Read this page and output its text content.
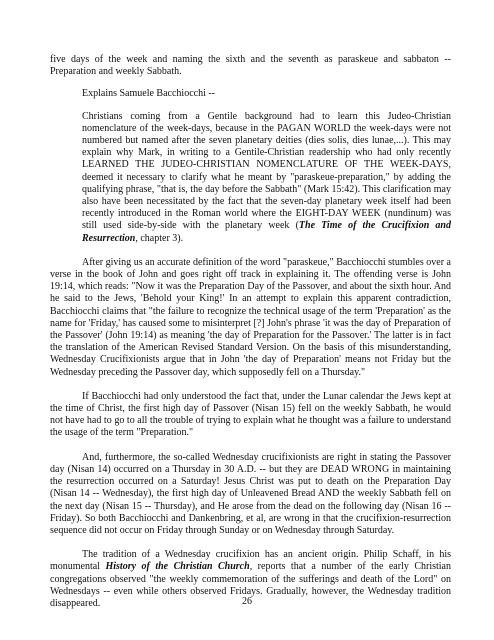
five days of the week and naming the sixth and the seventh as paraskeue and sabbaton -- Preparation and weekly Sabbath.

Explains Samuele Bacchiocchi --

Christians coming from a Gentile background had to learn this Judeo-Christian nomenclature of the week-days, because in the PAGAN WORLD the week-days were not numbered but named after the seven planetary deities (dies solis, dies lunae,...). This may explain why Mark, in writing to a Gentile-Christian readership who had only recently LEARNED THE JUDEO-CHRISTIAN NOMENCLATURE OF THE WEEK-DAYS, deemed it necessary to clarify what he meant by "paraskeue-preparation," by adding the qualifying phrase, "that is, the day before the Sabbath" (Mark 15:42). This clarification may also have been necessitated by the fact that the seven-day planetary week itself had been recently introduced in the Roman world where the EIGHT-DAY WEEK (nundinum) was still used side-by-side with the planetary week (The Time of the Crucifixion and Resurrection, chapter 3).

After giving us an accurate definition of the word "paraskeue," Bacchiocchi stumbles over a verse in the book of John and goes right off track in explaining it. The offending verse is John 19:14, which reads: "Now it was the Preparation Day of the Passover, and about the sixth hour. And he said to the Jews, 'Behold your King!' In an attempt to explain this apparent contradiction, Bacchiocchi claims that "the failure to recognize the technical usage of the term 'Preparation' as the name for 'Friday,' has caused some to misinterpret [?] John's phrase 'it was the day of Preparation of the Passover' (John 19:14) as meaning 'the day of Preparation for the Passover.' The latter is in fact the translation of the American Revised Standard Version. On the basis of this misunderstanding, Wednesday Crucifixionists argue that in John 'the day of Preparation' means not Friday but the Wednesday preceding the Passover day, which supposedly fell on a Thursday."

If Bacchiocchi had only understood the fact that, under the Lunar calendar the Jews kept at the time of Christ, the first high day of Passover (Nisan 15) fell on the weekly Sabbath, he would not have had to go to all the trouble of trying to explain what he thought was a failure to understand the usage of the term "Preparation."

And, furthermore, the so-called Wednesday crucifixionists are right in stating the Passover day (Nisan 14) occurred on a Thursday in 30 A.D. -- but they are DEAD WRONG in maintaining the resurrection occurred on a Saturday! Jesus Christ was put to death on the Preparation Day (Nisan 14 -- Wednesday), the first high day of Unleavened Bread AND the weekly Sabbath fell on the next day (Nisan 15 -- Thursday), and He arose from the dead on the following day (Nisan 16 -- Friday). So both Bacchiocchi and Dankenbring, et al, are wrong in that the crucifixion-resurrection sequence did not occur on Friday through Sunday or on Wednesday through Saturday.

The tradition of a Wednesday crucifixion has an ancient origin. Philip Schaff, in his monumental History of the Christian Church, reports that a number of the early Christian congregations observed "the weekly commemoration of the sufferings and death of the Lord" on Wednesdays -- even while others observed Fridays. Gradually, however, the Wednesday tradition disappeared.	26
